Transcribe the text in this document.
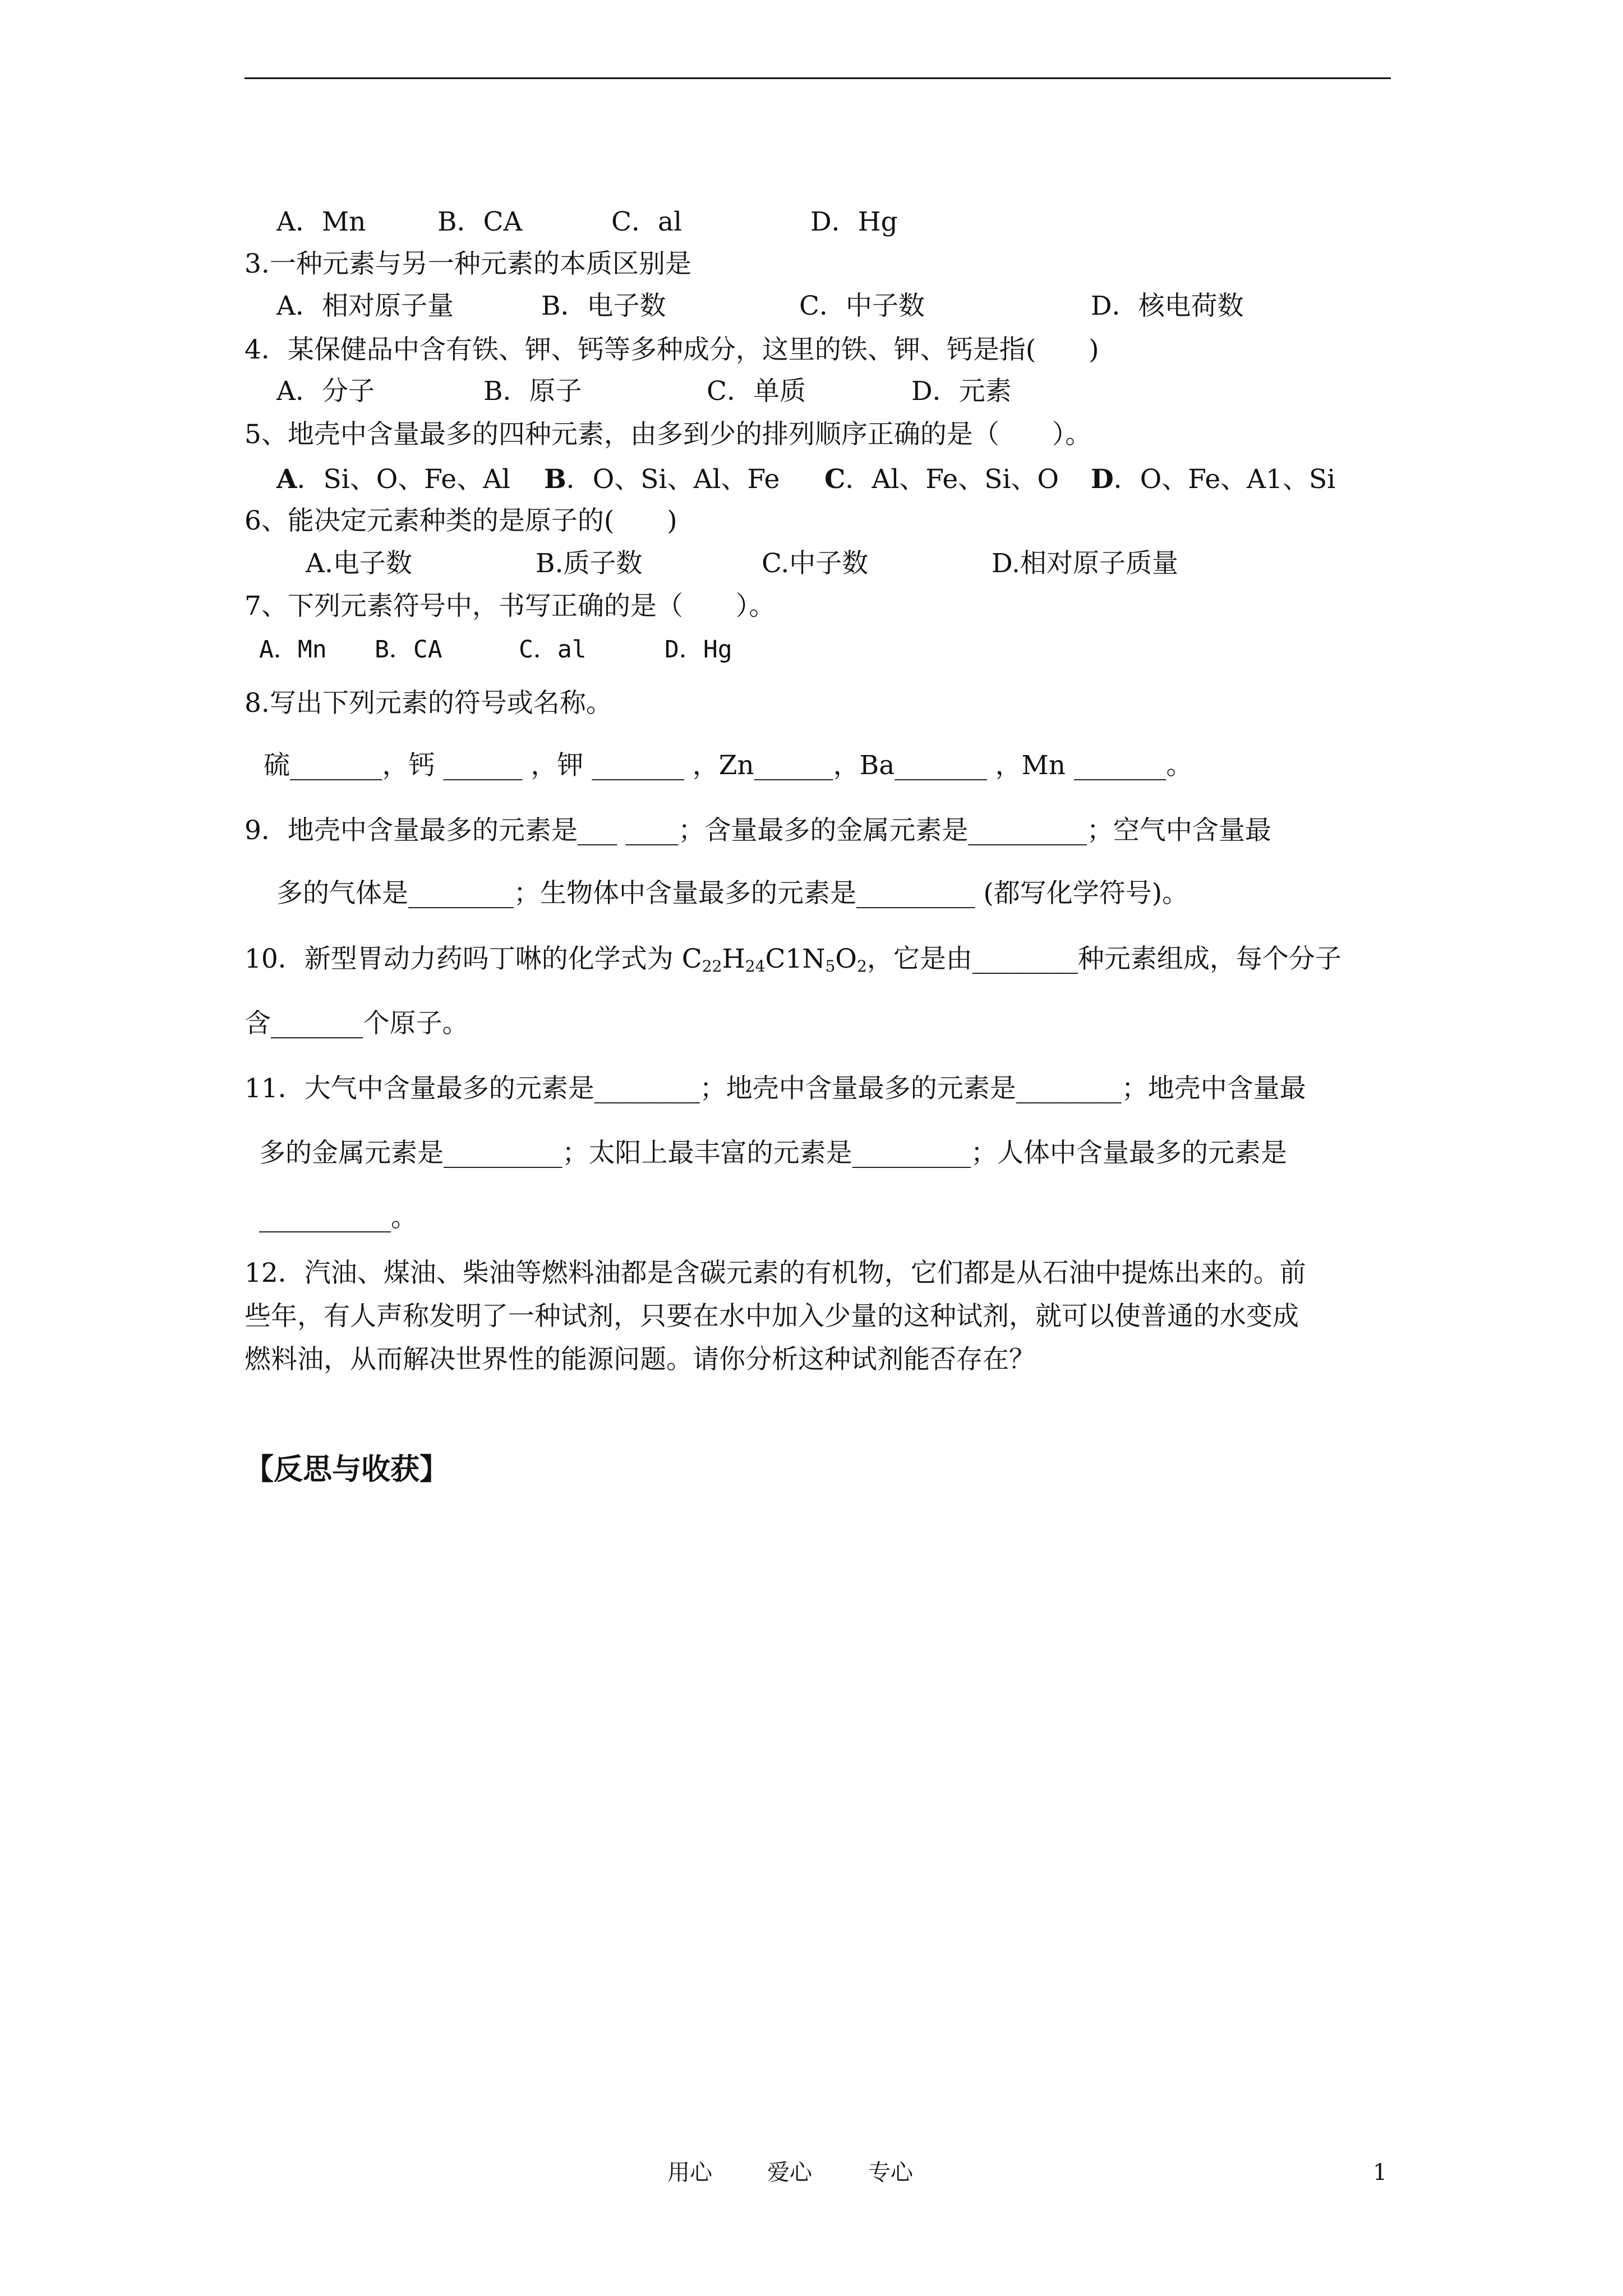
A．Mn	B．CA	C．al	D．Hg
3.一种元素与另一种元素的本质区别是
A．相对原子量	B．电子数	C．中子数	D．核电荷数
4．某保健品中含有铁、钾、钙等多种成分，这里的铁、钾、钙是指(　　)
A．分子	B．原子	C．单质	D．元素
5、地壳中含量最多的四种元素，由多到少的排列顺序正确的是（　　）。
A．Si、O、Fe、Al B．O、Si、Al、Fe C．Al、Fe、Si、O D．O、Fe、A1、Si
6、能决定元素种类的是原子的(　　)
A.电子数	B.质子数	C.中子数	D.相对原子质量
7、下列元素符号中，书写正确的是（　　）。
A．Mn B．CA	C．al	D．Hg
8.写出下列元素的符号或名称。
硫_______，钙 ______ ，钾 _______ ，Zn______，Ba_______ ，Mn _______。
9．地壳中含量最多的元素是___ ____；含量最多的金属元素是_________；空气中含量最
多的气体是________；生物体中含量最多的元素是_________ (都写化学符号)。
10．新型胃动力药吗丁啉的化学式为 $C_{22}H_{24}C1N_5O_2$，它是由________种元素组成，每个分子
含_______个原子。
11．大气中含量最多的元素是________；地壳中含量最多的元素是________；地壳中含量最
多的金属元素是_________；太阳上最丰富的元素是_________；人体中含量最多的元素是
__________。
12．汽油、煤油、柴油等燃料油都是含碳元素的有机物，它们都是从石油中提炼出来的。前
些年，有人声称发明了一种试剂，只要在水中加入少量的这种试剂，就可以使普通的水变成
燃料油，从而解决世界性的能源问题。请你分析这种试剂能否存在？
【反思与收获】
用心 爱心	专心	1
